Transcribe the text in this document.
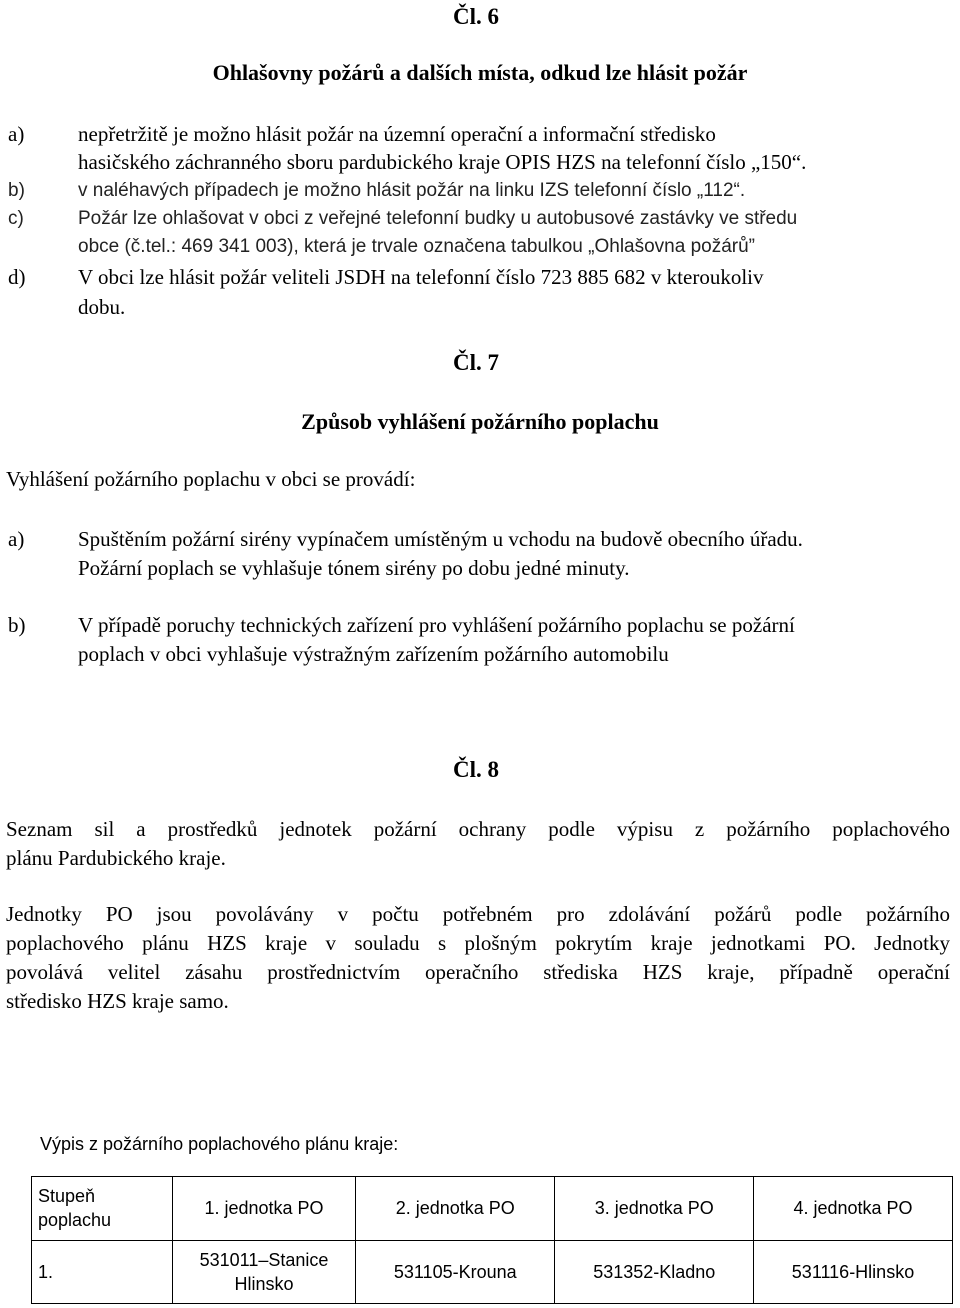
Čl. 6
Ohlašovny požárů a dalších místa, odkud lze hlásit požár
a)	nepřetržitě je možno hlásit požár na územní operační a informační středisko
hasičského záchranného sboru pardubického kraje OPIS HZS na telefonní číslo „150“.
b)	v naléhavých případech je možno hlásit požár na linku IZS telefonní číslo „112“.
c)	Požár lze ohlašovat v obci z veřejné telefonní budky u autobusové zastávky ve středu
obce (č.tel.: 469 341 003), která je trvale označena tabulkou „Ohlašovna požárů”
d)	V obci lze hlásit požár veliteli JSDH na telefonní číslo 723 885 682 v kteroukoliv
dobu.
Čl. 7
Způsob vyhlášení požárního poplachu
Vyhlášení požárního poplachu v obci se provádí:
a)	Spuštěním požární sirény vypínačem umístěným u vchodu na budově obecního úřadu.
Požární poplach se vyhlašuje tónem sirény po dobu jedné minuty.
b)	V případě poruchy technických zařízení pro vyhlášení požárního poplachu se požární
poplach v obci vyhlašuje výstražným zařízením požárního automobilu
Čl. 8
Seznam sil a prostředků jednotek požární ochrany podle výpisu z požárního poplachového
plánu Pardubického kraje.
Jednotky PO jsou povolávány v počtu potřebném pro zdolávání požárů podle požárního
poplachového plánu HZS kraje v souladu s plošným pokrytím kraje jednotkami PO. Jednotky
povolává velitel zásahu prostřednictvím operačního střediska HZS kraje, případně operační
středisko HZS kraje samo.
Výpis z požárního poplachového plánu kraje:
Stupeň poplachu	1. jednotka PO	2. jednotka PO	3. jednotka PO	4. jednotka PO
1.	531011–Stanice Hlinsko	531105-Krouna	531352-Kladno	531116-Hlinsko
